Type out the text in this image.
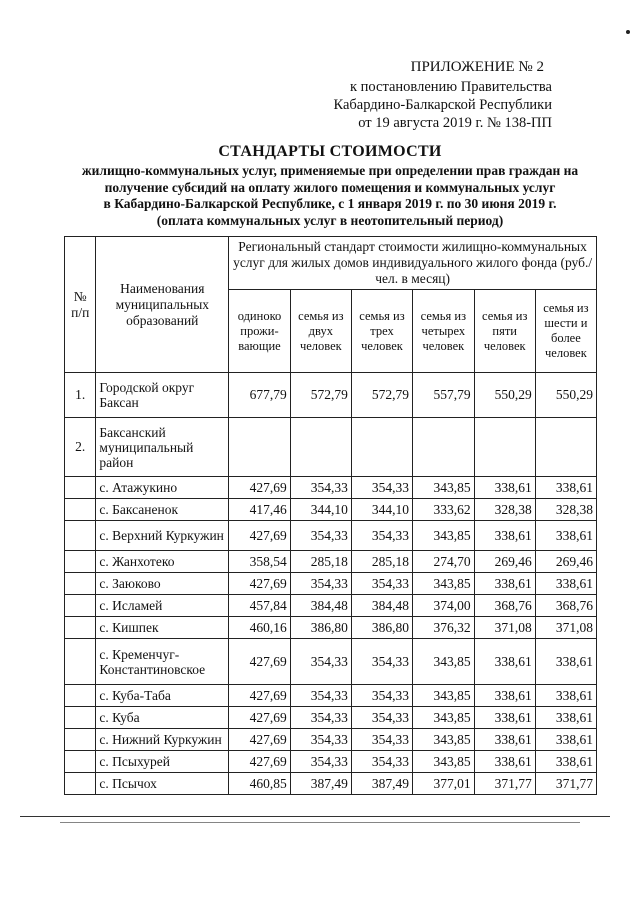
ПРИЛОЖЕНИЕ № 2
к постановлению Правительства
Кабардино-Балкарской Республики
от 19 августа 2019 г. № 138-ПП
СТАНДАРТЫ СТОИМОСТИ
жилищно-коммунальных услуг, применяемые при определении прав граждан на
получение субсидий на оплату жилого помещения и коммунальных услуг
в Кабардино-Балкарской Республике, с 1 января 2019 г. по 30 июня 2019 г.
(оплата коммунальных услуг в неотопительный период)
№ п/п	Наименования муниципальных образований	Региональный стандарт стоимости жилищно-коммунальных услуг для жилых домов индивидуального жилого фонда (руб./чел. в месяц)					
		одиноко прожи- вающие	семья из двух человек	семья из трех человек	семья из четырех человек	семья из пяти человек	семья из шести и более человек
1.	Городской округ Баксан	677,79	572,79	572,79	557,79	550,29	550,29
2.	Баксанский муниципальный район						
	с. Атажукино	427,69	354,33	354,33	343,85	338,61	338,61
	с. Баксаненок	417,46	344,10	344,10	333,62	328,38	328,38
	с. Верхний Куркужин	427,69	354,33	354,33	343,85	338,61	338,61
	с. Жанхотеко	358,54	285,18	285,18	274,70	269,46	269,46
	с. Заюково	427,69	354,33	354,33	343,85	338,61	338,61
	с. Исламей	457,84	384,48	384,48	374,00	368,76	368,76
	с. Кишпек	460,16	386,80	386,80	376,32	371,08	371,08
	с. Кременчуг-Константиновское	427,69	354,33	354,33	343,85	338,61	338,61
	с. Куба-Таба	427,69	354,33	354,33	343,85	338,61	338,61
	с. Куба	427,69	354,33	354,33	343,85	338,61	338,61
	с. Нижний Куркужин	427,69	354,33	354,33	343,85	338,61	338,61
	с. Псыхурей	427,69	354,33	354,33	343,85	338,61	338,61
	с. Псычох	460,85	387,49	387,49	377,01	371,77	371,77
